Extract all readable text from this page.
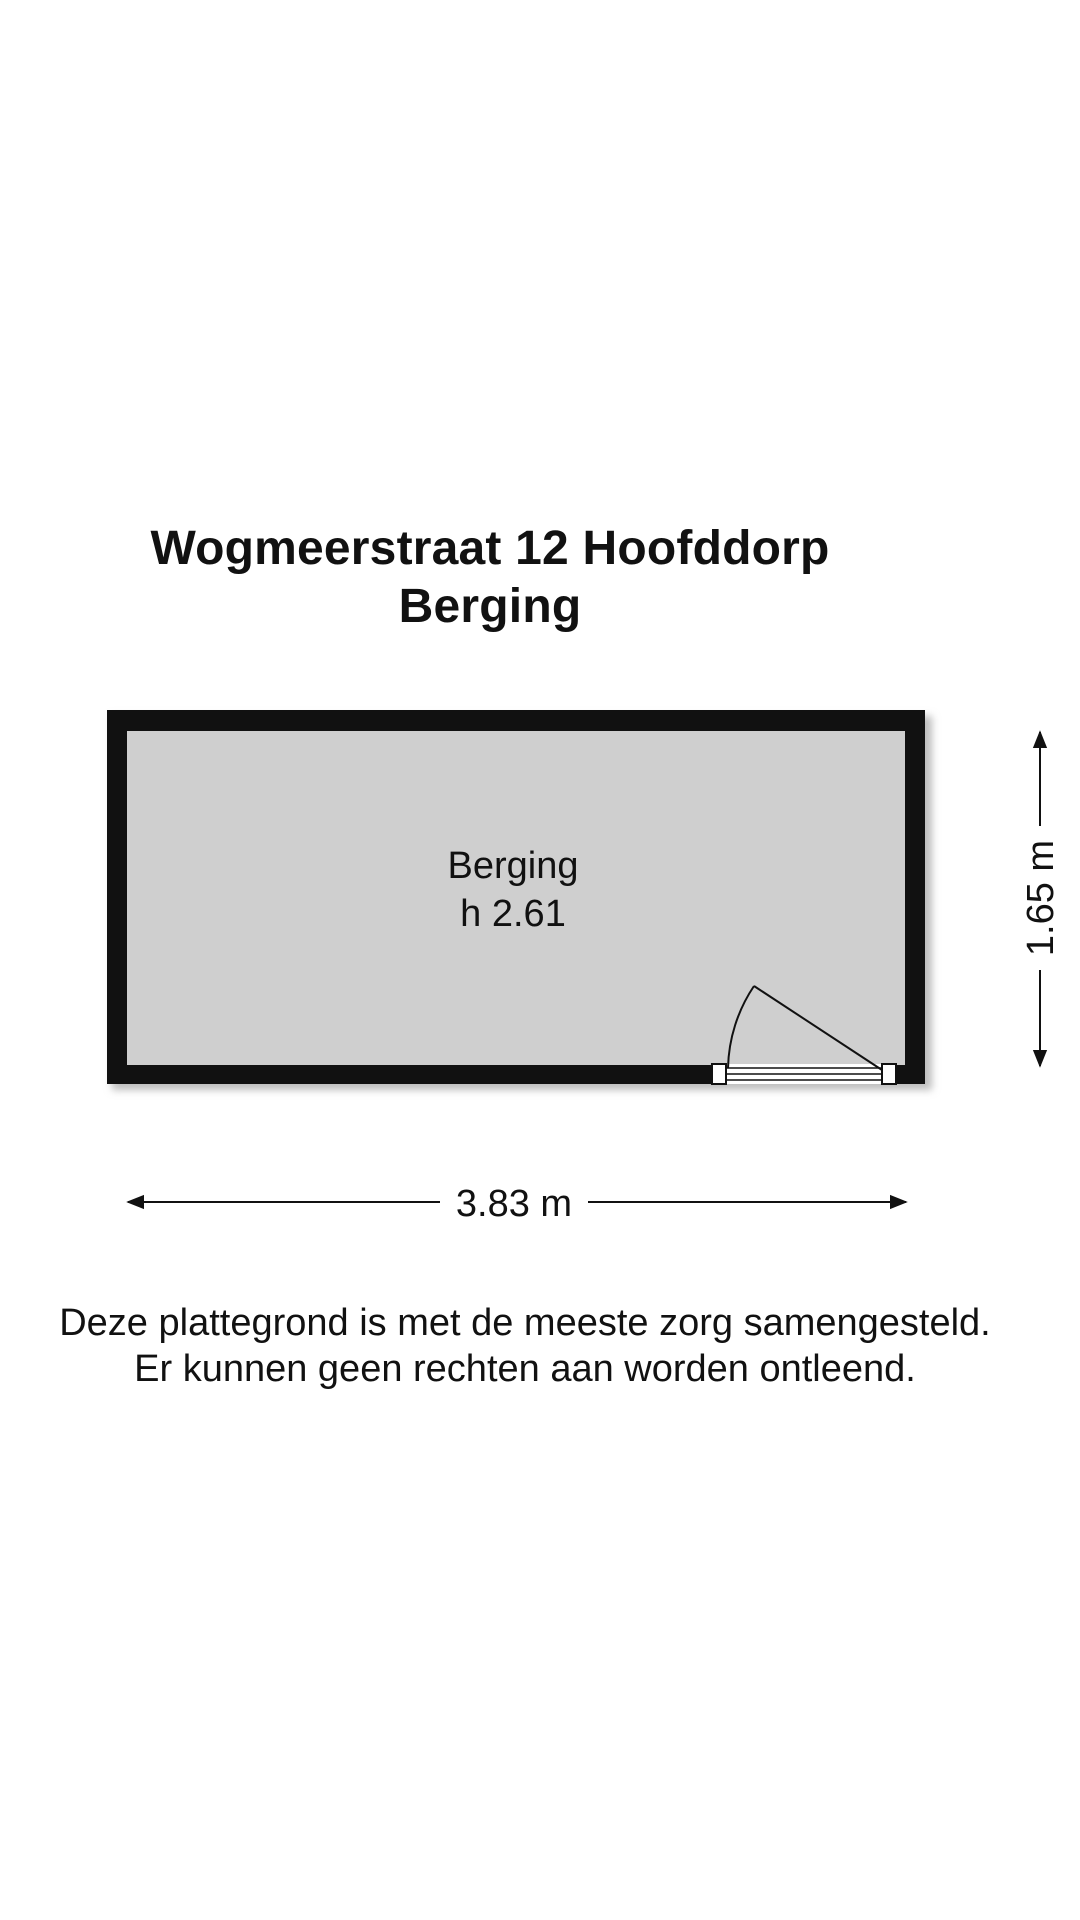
Wogmeerstraat 12 Hoofddorp
Berging
Berging
h 2.61
3.83 m
1.65 m
Deze plattegrond is met de meeste zorg samengesteld.
Er kunnen geen rechten aan worden ontleend.
